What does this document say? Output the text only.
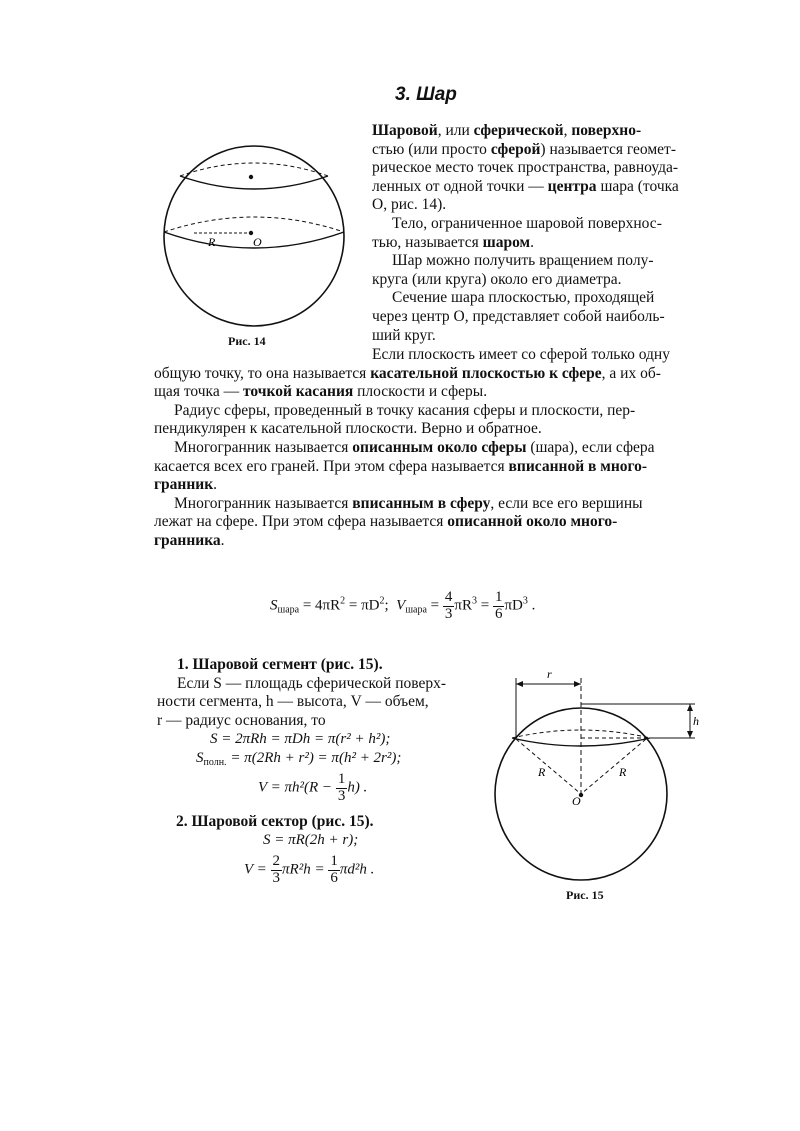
3. Шар
R	O
Рис. 14
Шаровой, или сферической, поверхно-
стью (или просто сферой) называется геомет-
рическое место точек пространства, равноуда-
ленных от одной точки — центра шара (точка
O, рис. 14).
Тело, ограниченное шаровой поверхнос-
тью, называется шаром.
Шар можно получить вращением полу-
круга (или круга) около его диаметра.
Сечение шара плоскостью, проходящей
через центр O, представляет собой наиболь-
ший круг.
Если плоскость имеет со сферой только одну
общую точку, то она называется касательной плоскостью к сфере, а их об-
щая точка — точкой касания плоскости и сферы.
Радиус сферы, проведенный в точку касания сферы и плоскости, пер-
пендикулярен к касательной плоскости. Верно и обратное.
Многогранник называется описанным около сферы (шара), если сфера
касается всех его граней. При этом сфера называется вписанной в много-
гранник.
Многогранник называется вписанным в сферу, если все его вершины
лежат на сфере. При этом сфера называется описанной около много-
гранника.
$S_{шара} = 4\pi R^2 = \pi D^2$; $V_{шара} = \frac{4}{3} \pi R^3 = \frac{1}{6} \pi D^3$ .
1. Шаровой сегмент (рис. 15).
Если S — площадь сферической поверх-
ности сегмента, h — высота, V — объем,
r — радиус основания, то
S = 2πRh = πDh = π(r² + h²);
$S_{полн.} = \pi(2Rh + r^2) = \pi(h^2 + 2r^2)$;
$V = \pi h^2(R - \frac{1}{3} h)$ .
2. Шаровой сектор (рис. 15).
S = πR(2h + r);
$V = \frac{2}{3} \pi R^2h = \frac{1}{6} \pi d^2h$ .
r
h
R	R
O
Рис. 15
